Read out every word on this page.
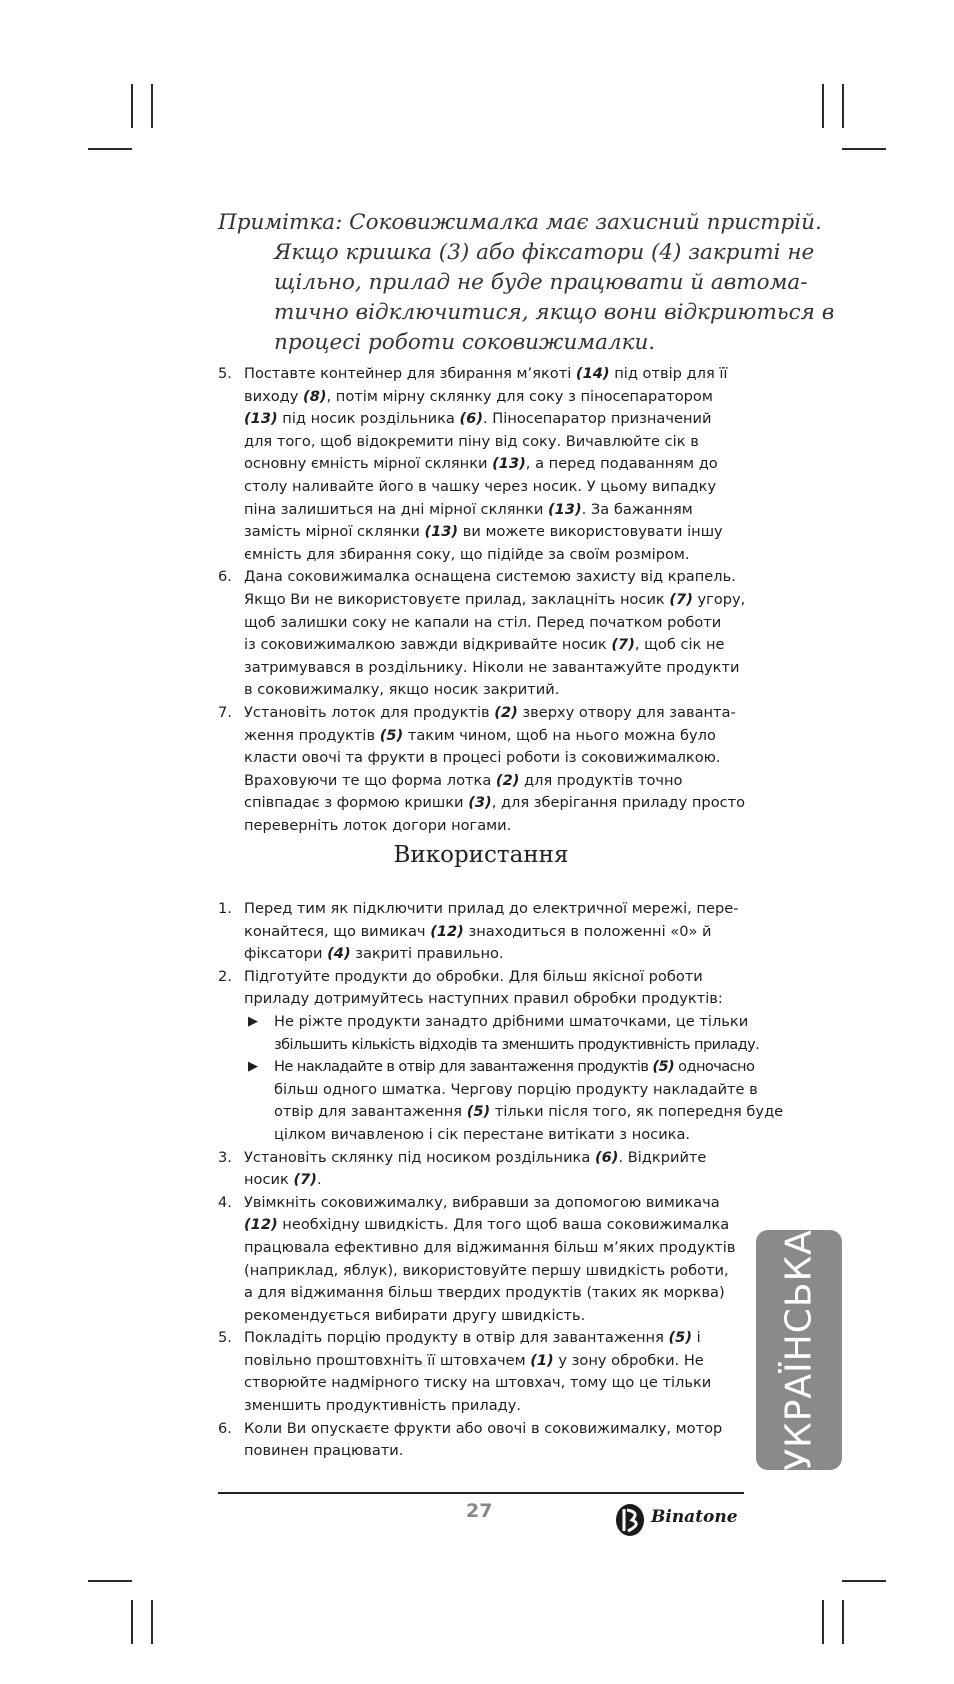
Примітка: Соковижималка має захисний пристрій.
Якщо кришка (3) або фіксатори (4) закриті не
щільно, прилад не буде працювати й автома-
тично відключитися, якщо вони відкриються в
процесі роботи соковижималки.
5. Поставте контейнер для збирання м’якоті (14) під отвір для її
виходу (8), потім мірну склянку для соку з піносепаратором
(13) під носик роздільника (6). Піносепаратор призначений
для того, щоб відокремити піну від соку. Вичавлюйте сік в
основну ємність мірної склянки (13), а перед подаванням до
столу наливайте його в чашку через носик. У цьому випадку
піна залишиться на дні мірної склянки (13). За бажанням
замість мірної склянки (13) ви можете використовувати іншу
ємність для збирання соку, що підійде за своїм розміром.
6. Дана соковижималка оснащена системою захисту від крапель.
Якщо Ви не використовуєте прилад, заклацніть носик (7) угору,
щоб залишки соку не капали на стіл. Перед початком роботи
із соковижималкою завжди відкривайте носик (7), щоб сік не
затримувався в роздільнику. Ніколи не завантажуйте продукти
в соковижималку, якщо носик закритий.
7. Установіть лоток для продуктів (2) зверху отвору для заванта-
ження продуктів (5) таким чином, щоб на нього можна було
класти овочі та фрукти в процесі роботи із соковижималкою.
Враховуючи те що форма лотка (2) для продуктів точно
співпадає з формою кришки (3), для зберігання приладу просто
переверніть лоток догори ногами.
Використання
1. Перед тим як підключити прилад до електричної мережі, пере-
конайтеся, що вимикач (12) знаходиться в положенні «0» й
фіксатори (4) закриті правильно.
2. Підготуйте продукти до обробки. Для більш якісної роботи
приладу дотримуйтесь наступних правил обробки продуктів:
▶ Не ріжте продукти занадто дрібними шматочками, це тільки
збільшить кількість відходів та зменшить продуктивність приладу.
▶ Не накладайте в отвір для завантаження продуктів (5) одночасно
більш одного шматка. Чергову порцію продукту накладайте в
отвір для завантаження (5) тільки після того, як попередня буде
цілком вичавленою і сік перестане витікати з носика.
3. Установіть склянку під носиком роздільника (6). Відкрийте
носик (7).
4. Увімкніть соковижималку, вибравши за допомогою вимикача
(12) необхідну швидкість. Для того щоб ваша соковижималка
працювала ефективно для віджимання більш м’яких продуктів
(наприклад, яблук), використовуйте першу швидкість роботи,
а для віджимання більш твердих продуктів (таких як морква)
рекомендується вибирати другу швидкість.
5. Покладіть порцію продукту в отвір для завантаження (5) і
повільно проштовхніть її штовхачем (1) у зону обробки. Не
створюйте надмірного тиску на штовхач, тому що це тільки
зменшить продуктивність приладу.
6. Коли Ви опускаєте фрукти або овочі в соковижималку, мотор
повинен працювати.	УКРАЇНСЬКА
27	Binatone
